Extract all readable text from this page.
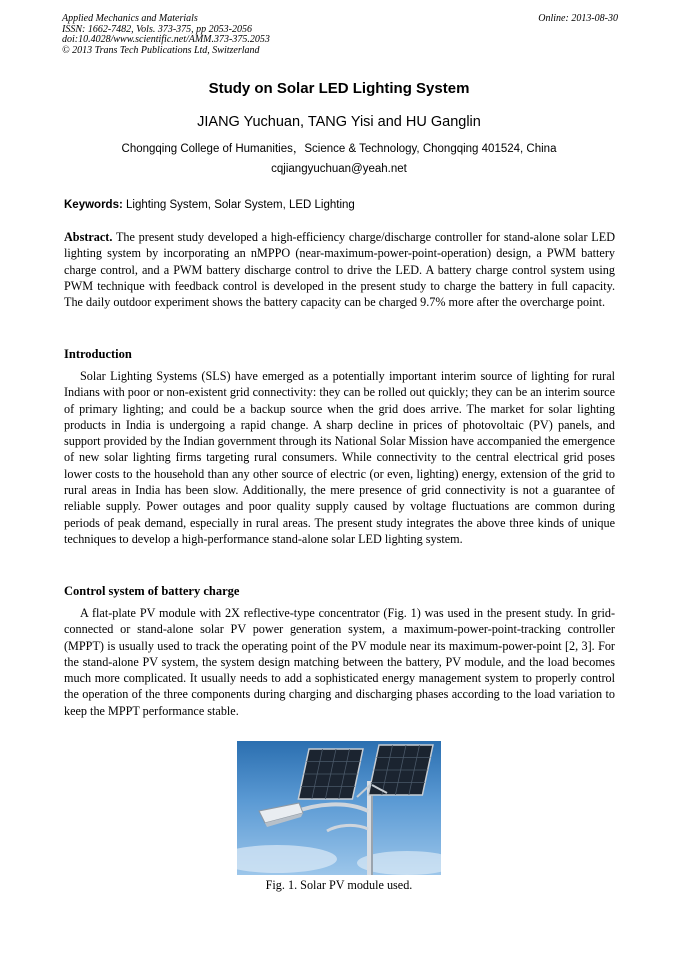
Applied Mechanics and Materials
ISSN: 1662-7482, Vols. 373-375, pp 2053-2056
doi:10.4028/www.scientific.net/AMM.373-375.2053
© 2013 Trans Tech Publications Ltd, Switzerland
Online: 2013-08-30
Study on Solar LED Lighting System
JIANG Yuchuan, TANG Yisi and HU Ganglin
Chongqing College of Humanities，Science & Technology, Chongqing 401524, China
cqjiangyuchuan@yeah.net
Keywords: Lighting System, Solar System, LED Lighting
Abstract. The present study developed a high-efficiency charge/discharge controller for stand-alone solar LED lighting system by incorporating an nMPPO (near-maximum-power-point-operation) design, a PWM battery charge control, and a PWM battery discharge control to drive the LED. A battery charge control system using PWM technique with feedback control is developed in the present study to charge the battery in full capacity. The daily outdoor experiment shows the battery capacity can be charged 9.7% more after the overcharge point.
Introduction
Solar Lighting Systems (SLS) have emerged as a potentially important interim source of lighting for rural Indians with poor or non-existent grid connectivity: they can be rolled out quickly; they can be an interim source of primary lighting; and could be a backup source when the grid does arrive. The market for solar lighting products in India is undergoing a rapid change. A sharp decline in prices of photovoltaic (PV) panels, and support provided by the Indian government through its National Solar Mission have accompanied the emergence of new solar lighting firms targeting rural consumers. While connectivity to the central electrical grid poses lower costs to the household than any other source of electric (or even, lighting) energy, extension of the grid to rural areas in India has been slow. Additionally, the mere presence of grid connectivity is not a guarantee of reliable supply. Power outages and poor quality supply caused by voltage fluctuations are common during periods of peak demand, especially in rural areas. The present study integrates the above three kinds of unique techniques to develop a high-performance stand-alone solar LED lighting system.
Control system of battery charge
A flat-plate PV module with 2X reflective-type concentrator (Fig. 1) was used in the present study. In grid-connected or stand-alone solar PV power generation system, a maximum-power-point-tracking controller (MPPT) is usually used to track the operating point of the PV module near its maximum-power-point [2, 3]. For the stand-alone PV system, the system design matching between the battery, PV module, and the load becomes much more complicated. It usually needs to add a sophisticated energy management system to properly control the operation of the three components during charging and discharging phases according to the load variation to keep the MPPT performance stable.
Fig. 1. Solar PV module used.
